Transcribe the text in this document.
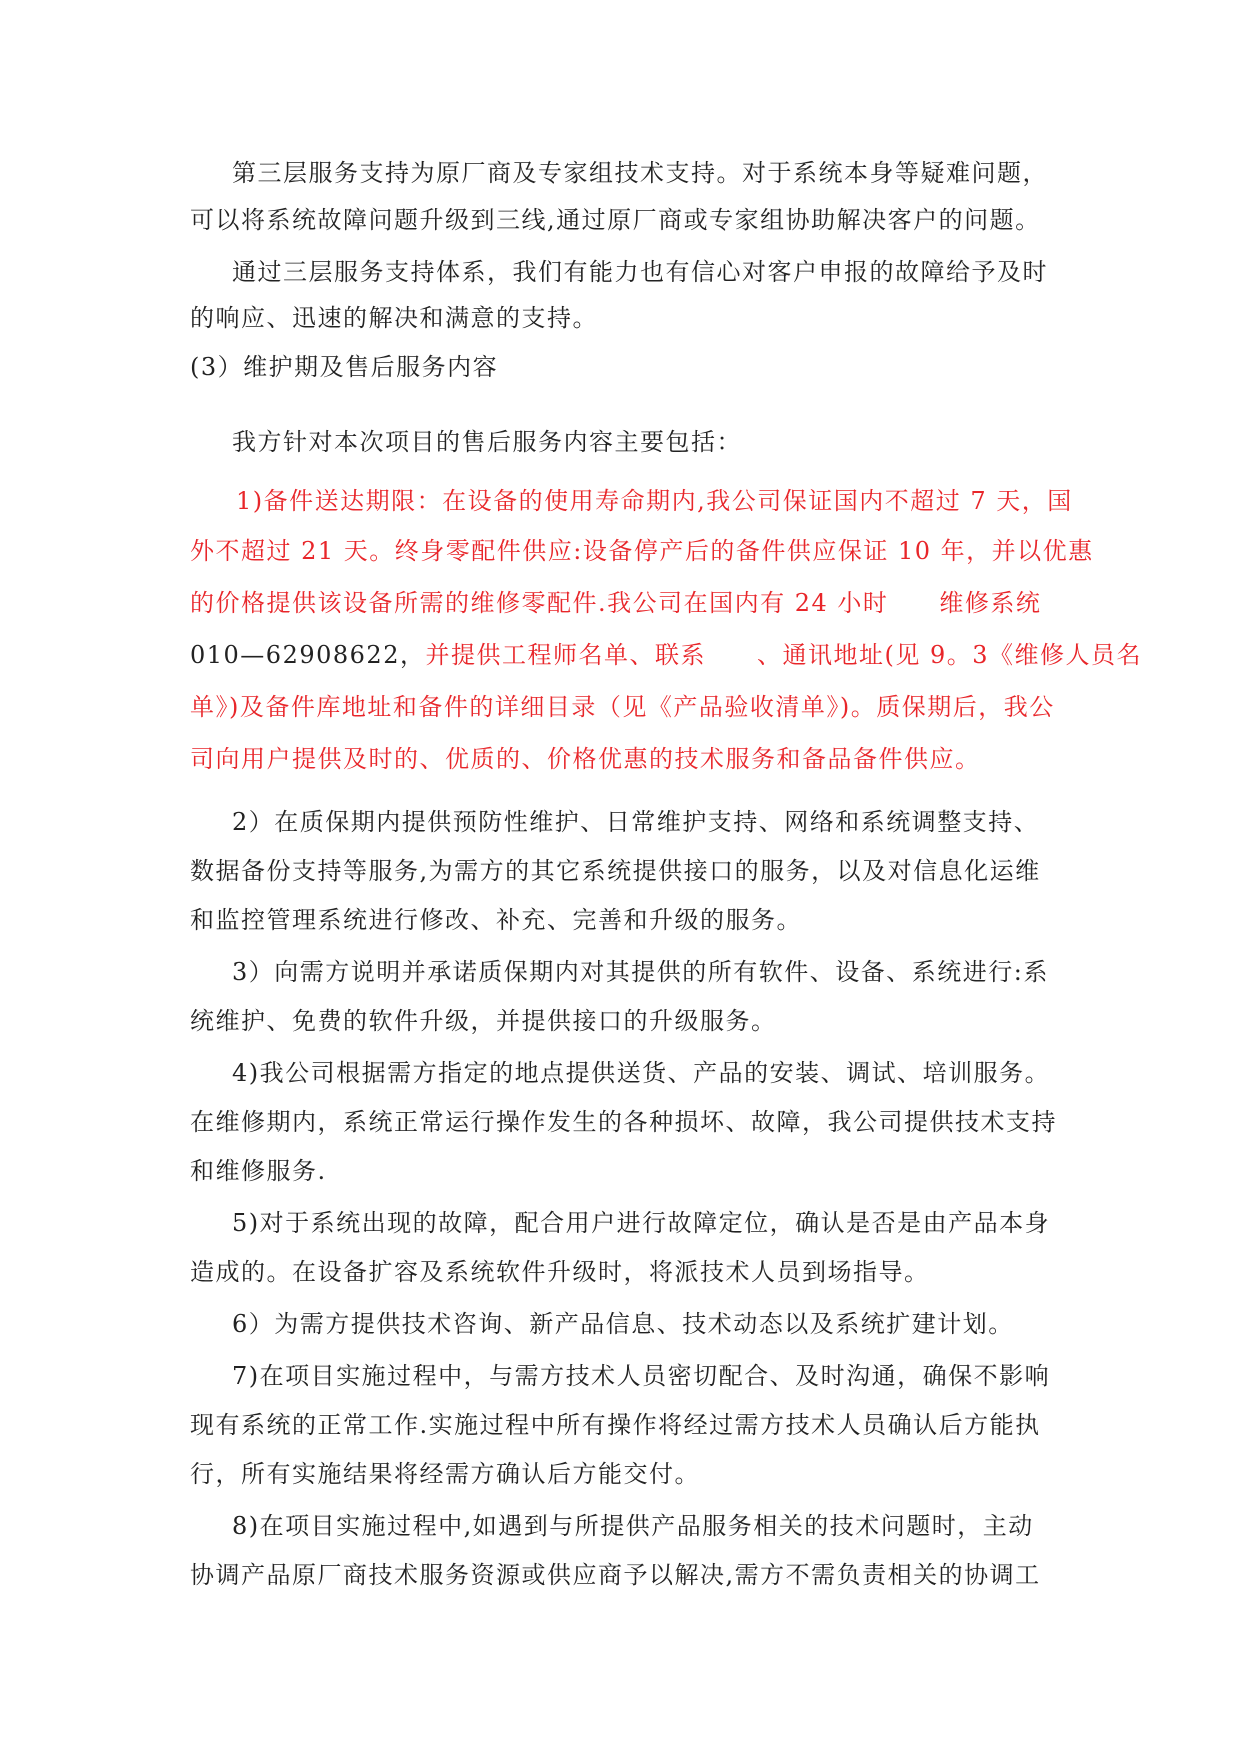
第三层服务支持为原厂商及专家组技术支持。对于系统本身等疑难问题，
可以将系统故障问题升级到三线,通过原厂商或专家组协助解决客户的问题。
通过三层服务支持体系，我们有能力也有信心对客户申报的故障给予及时
的响应、迅速的解决和满意的支持。
(3）维护期及售后服务内容
我方针对本次项目的售后服务内容主要包括：
1)备件送达期限：在设备的使用寿命期内,我公司保证国内不超过 7 天，国
外不超过 21 天。终身零配件供应:设备停产后的备件供应保证 10 年，并以优惠
的价格提供该设备所需的维修零配件.我公司在国内有 24 小时　　维修系统
010—62908622，并提供工程师名单、联系　　、通讯地址(见 9。3《维修人员名
单》)及备件库地址和备件的详细目录（见《产品验收清单》)。质保期后，我公
司向用户提供及时的、优质的、价格优惠的技术服务和备品备件供应。
2）在质保期内提供预防性维护、日常维护支持、网络和系统调整支持、
数据备份支持等服务,为需方的其它系统提供接口的服务，以及对信息化运维
和监控管理系统进行修改、补充、完善和升级的服务。
3）向需方说明并承诺质保期内对其提供的所有软件、设备、系统进行:系
统维护、免费的软件升级，并提供接口的升级服务。
4)我公司根据需方指定的地点提供送货、产品的安装、调试、培训服务。
在维修期内，系统正常运行操作发生的各种损坏、故障，我公司提供技术支持
和维修服务.
5)对于系统出现的故障，配合用户进行故障定位，确认是否是由产品本身
造成的。在设备扩容及系统软件升级时，将派技术人员到场指导。
6）为需方提供技术咨询、新产品信息、技术动态以及系统扩建计划。
7)在项目实施过程中，与需方技术人员密切配合、及时沟通，确保不影响
现有系统的正常工作.实施过程中所有操作将经过需方技术人员确认后方能执
行，所有实施结果将经需方确认后方能交付。
8)在项目实施过程中,如遇到与所提供产品服务相关的技术问题时，主动
协调产品原厂商技术服务资源或供应商予以解决,需方不需负责相关的协调工
